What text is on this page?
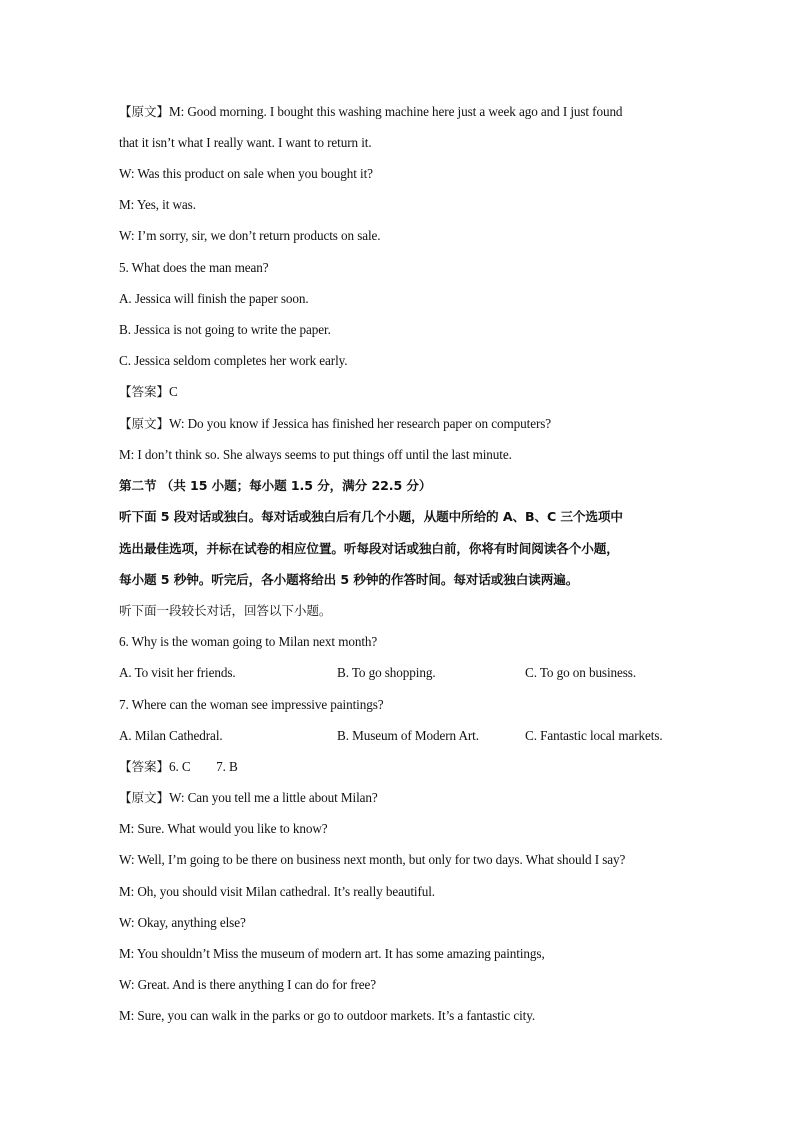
【原文】M: Good morning. I bought this washing machine here just a week ago and I just found
that it isn’t what I really want. I want to return it.
W: Was this product on sale when you bought it?
M: Yes, it was.
W: I’m sorry, sir, we don’t return products on sale.
5. What does the man mean?
A. Jessica will finish the paper soon.
B. Jessica is not going to write the paper.
C. Jessica seldom completes her work early.
【答案】C
【原文】W: Do you know if Jessica has finished her research paper on computers?
M: I don’t think so. She always seems to put things off until the last minute.
第二节 （共 15 小题；每小题 1.5 分，满分 22.5 分）
听下面 5 段对话或独白。每对话或独白后有几个小题，从题中所给的 A、B、C 三个选项中
选出最佳选项，并标在试卷的相应位置。听每段对话或独白前，你将有时间阅读各个小题，
每小题 5 秒钟。听完后，各小题将给出 5 秒钟的作答时间。每对话或独白读两遍。
听下面一段较长对话，回答以下小题。
6. Why is the woman going to Milan next month?
A. To visit her friends.	B. To go shopping.	C. To go on business.
7. Where can the woman see impressive paintings?
A. Milan Cathedral.	B. Museum of Modern Art.	C. Fantastic local markets.
【答案】6. C        7. B
【原文】W: Can you tell me a little about Milan?
M: Sure. What would you like to know?
W: Well, I’m going to be there on business next month, but only for two days. What should I say?
M: Oh, you should visit Milan cathedral. It’s really beautiful.
W: Okay, anything else?
M: You shouldn’t Miss the museum of modern art. It has some amazing paintings,
W: Great. And is there anything I can do for free?
M: Sure, you can walk in the parks or go to outdoor markets. It’s a fantastic city.
